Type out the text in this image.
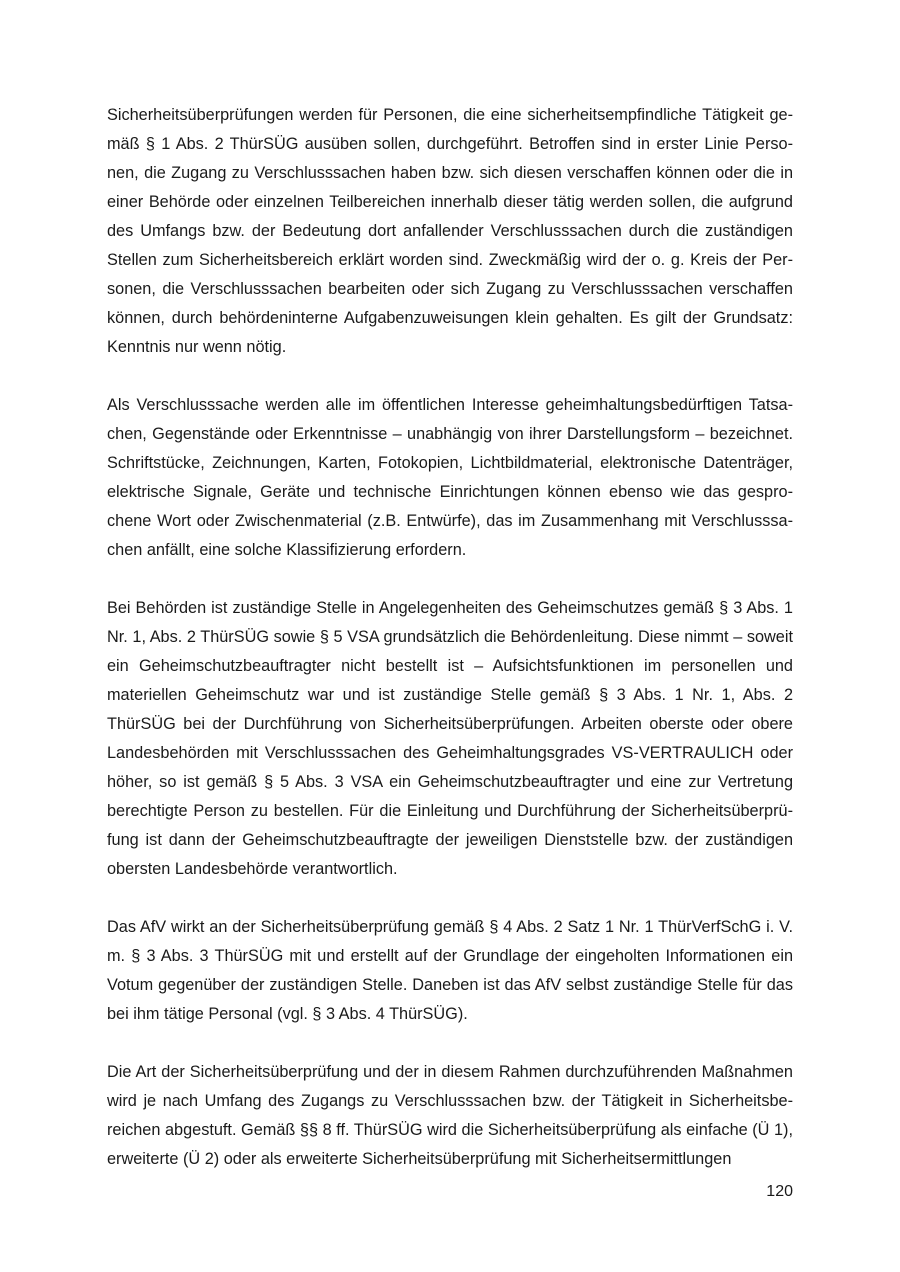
Sicherheitsüberprüfungen werden für Personen, die eine sicherheitsempfindliche Tätigkeit gemäß § 1 Abs. 2 ThürSÜG ausüben sollen, durchgeführt. Betroffen sind in erster Linie Personen, die Zugang zu Verschlusssachen haben bzw. sich diesen verschaffen können oder die in einer Behörde oder einzelnen Teilbereichen innerhalb dieser tätig werden sollen, die aufgrund des Umfangs bzw. der Bedeutung dort anfallender Verschlusssachen durch die zuständigen Stellen zum Sicherheitsbereich erklärt worden sind. Zweckmäßig wird der o. g. Kreis der Personen, die Verschlusssachen bearbeiten oder sich Zugang zu Verschlusssachen verschaffen können, durch behördeninterne Aufgabenzuweisungen klein gehalten. Es gilt der Grundsatz: Kenntnis nur wenn nötig.

Als Verschlusssache werden alle im öffentlichen Interesse geheimhaltungsbedürftigen Tatsachen, Gegenstände oder Erkenntnisse – unabhängig von ihrer Darstellungsform – bezeichnet. Schriftstücke, Zeichnungen, Karten, Fotokopien, Lichtbildmaterial, elektronische Datenträger, elektrische Signale, Geräte und technische Einrichtungen können ebenso wie das gesprochene Wort oder Zwischenmaterial (z.B. Entwürfe), das im Zusammenhang mit Verschlusssachen anfällt, eine solche Klassifizierung erfordern.

Bei Behörden ist zuständige Stelle in Angelegenheiten des Geheimschutzes gemäß § 3 Abs. 1 Nr. 1, Abs. 2 ThürSÜG sowie § 5 VSA grundsätzlich die Behördenleitung. Diese nimmt – soweit ein Geheimschutzbeauftragter nicht bestellt ist – Aufsichtsfunktionen im personellen und materiellen Geheimschutz war und ist zuständige Stelle gemäß § 3 Abs. 1 Nr. 1, Abs. 2 ThürSÜG bei der Durchführung von Sicherheitsüberprüfungen. Arbeiten oberste oder obere Landesbehörden mit Verschlusssachen des Geheimhaltungsgrades VS-VERTRAULICH oder höher, so ist gemäß § 5 Abs. 3 VSA ein Geheimschutzbeauftragter und eine zur Vertretung berechtigte Person zu bestellen. Für die Einleitung und Durchführung der Sicherheitsüberprüfung ist dann der Geheimschutzbeauftragte der jeweiligen Dienststelle bzw. der zuständigen obersten Landesbehörde verantwortlich.

Das AfV wirkt an der Sicherheitsüberprüfung gemäß § 4 Abs. 2 Satz 1 Nr. 1 ThürVerfSchG i. V. m. § 3 Abs. 3 ThürSÜG mit und erstellt auf der Grundlage der eingeholten Informationen ein Votum gegenüber der zuständigen Stelle. Daneben ist das AfV selbst zuständige Stelle für das bei ihm tätige Personal (vgl. § 3 Abs. 4 ThürSÜG).

Die Art der Sicherheitsüberprüfung und der in diesem Rahmen durchzuführenden Maßnahmen wird je nach Umfang des Zugangs zu Verschlusssachen bzw. der Tätigkeit in Sicherheitsbereichen abgestuft. Gemäß §§ 8 ff. ThürSÜG wird die Sicherheitsüberprüfung als einfache (Ü 1), erweiterte (Ü 2) oder als erweiterte Sicherheitsüberprüfung mit Sicherheitsermittlungen

120
